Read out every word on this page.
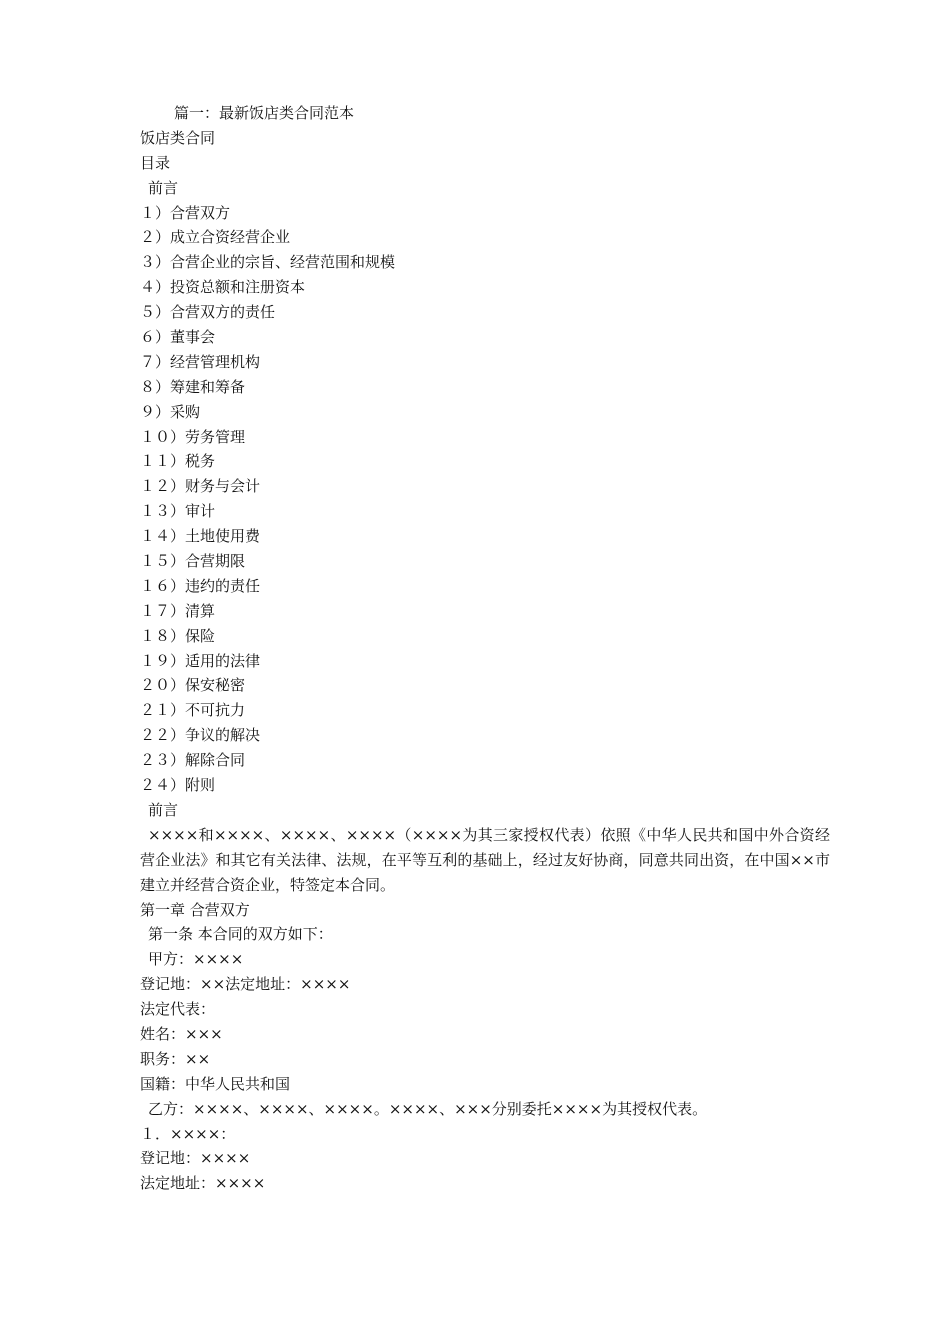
篇一：最新饭店类合同范本
饭店类合同
目录
前言
１）合营双方
２）成立合资经营企业
３）合营企业的宗旨、经营范围和规模
４）投资总额和注册资本
５）合营双方的责任
６）董事会
７）经营管理机构
８）筹建和筹备
９）采购
１０）劳务管理
１１）税务
１２）财务与会计
１３）审计
１４）土地使用费
１５）合营期限
１６）违约的责任
１７）清算
１８）保险
１９）适用的法律
２０）保安秘密
２１）不可抗力
２２）争议的解决
２３）解除合同
２４）附则
前言
××××和××××、××××、××××（××××为其三家授权代表）依照《中华人民共和国中外合资经营企业法》和其它有关法律、法规，在平等互利的基础上，经过友好协商，同意共同出资，在中国××市建立并经营合资企业，特签定本合同。
第一章 合营双方
第一条 本合同的双方如下：
甲方：××××
登记地：××法定地址：××××
法定代表：
姓名：×××
职务：××
国籍：中华人民共和国
乙方：××××、××××、××××。××××、×××分别委托××××为其授权代表。
１．××××：
登记地：××××
法定地址：××××
